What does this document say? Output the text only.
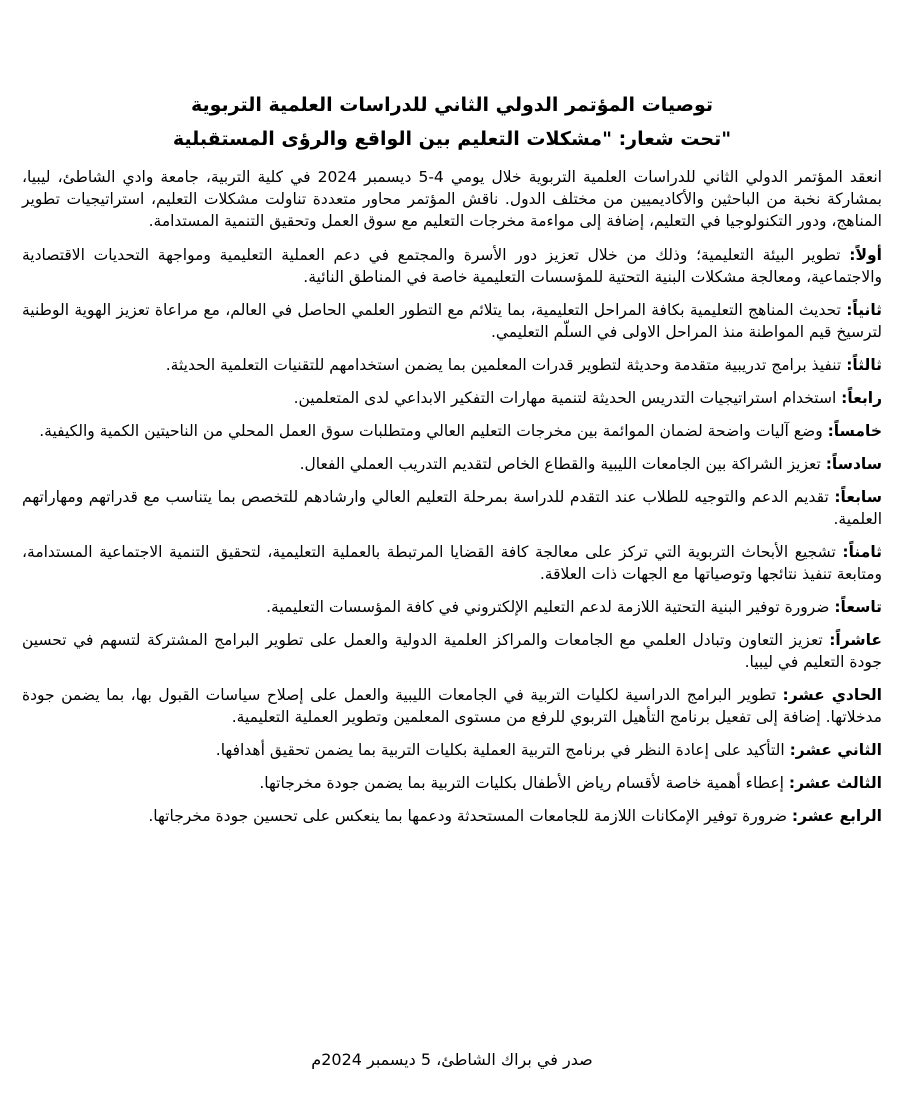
توصيات المؤتمر الدولي الثاني للدراسات العلمية التربوية
"تحت شعار: "مشكلات التعليم بين الواقع والرؤى المستقبلية

انعقد المؤتمر الدولي الثاني للدراسات العلمية التربوية خلال يومي 4-5 ديسمبر 2024 في كلية التربية، جامعة وادي الشاطئ، ليبيا، بمشاركة نخبة من الباحثين والأكاديميين من مختلف الدول. ناقش المؤتمر محاور متعددة تناولت مشكلات التعليم، استراتيجيات تطوير المناهج، ودور التكنولوجيا في التعليم، إضافة إلى مواءمة مخرجات التعليم مع سوق العمل وتحقيق التنمية المستدامة.

أولاً: تطوير البيئة التعليمية؛ وذلك من خلال تعزيز دور الأسرة والمجتمع في دعم العملية التعليمية ومواجهة التحديات الاقتصادية والاجتماعية، ومعالجة مشكلات البنية التحتية للمؤسسات التعليمية خاصة في المناطق النائية.

ثانياً: تحديث المناهج التعليمية بكافة المراحل التعليمية، بما يتلائم مع التطور العلمي الحاصل في العالم، مع مراعاة تعزيز الهوية الوطنية لترسيخ قيم المواطنة منذ المراحل الاولى في السلّم التعليمي.

ثالثاً: تنفيذ برامج تدريبية متقدمة وحديثة لتطوير قدرات المعلمين بما يضمن استخدامهم للتقنيات التعلمية الحديثة.

رابعاً: استخدام استراتيجيات التدريس الحديثة لتنمية مهارات التفكير الابداعي لدى المتعلمين.

خامساً: وضع آليات واضحة لضمان الموائمة بين مخرجات التعليم العالي ومتطلبات سوق العمل المحلي من الناحيتين الكمية والكيفية.

سادساً: تعزيز الشراكة بين الجامعات الليبية والقطاع الخاص لتقديم التدريب العملي الفعال.

سابعاً: تقديم الدعم والتوجيه للطلاب عند التقدم للدراسة بمرحلة التعليم العالي وارشادهم للتخصص بما يتناسب مع قدراتهم ومهاراتهم العلمية.

ثامناً: تشجيع الأبحاث التربوية التي تركز على معالجة كافة القضايا المرتبطة بالعملية التعليمية، لتحقيق التنمية الاجتماعية المستدامة، ومتابعة تنفيذ نتائجها وتوصياتها مع الجهات ذات العلاقة.

تاسعاً: ضرورة توفير البنية التحتية اللازمة لدعم التعليم الإلكتروني في كافة المؤسسات التعليمية.

عاشراً: تعزيز التعاون وتبادل العلمي مع الجامعات والمراكز العلمية الدولية والعمل على تطوير البرامج المشتركة لتسهم في تحسين جودة التعليم في ليبيا.

الحادي عشر: تطوير البرامج الدراسية لكليات التربية في الجامعات الليبية والعمل على إصلاح سياسات القبول بها، بما يضمن جودة مدخلاتها. إضافة إلى تفعيل برنامج التأهيل التربوي للرفع من مستوى المعلمين وتطوير العملية التعليمية.

الثاني عشر: التأكيد على إعادة النظر في برنامج التربية العملية بكليات التربية بما يضمن تحقيق أهدافها.

الثالث عشر: إعطاء أهمية خاصة لأقسام رياض الأطفال بكليات التربية بما يضمن جودة مخرجاتها.

الرابع عشر: ضرورة توفير الإمكانات اللازمة للجامعات المستحدثة ودعمها بما ينعكس على تحسين جودة مخرجاتها.

صدر في براك الشاطئ، 5 ديسمبر 2024م
